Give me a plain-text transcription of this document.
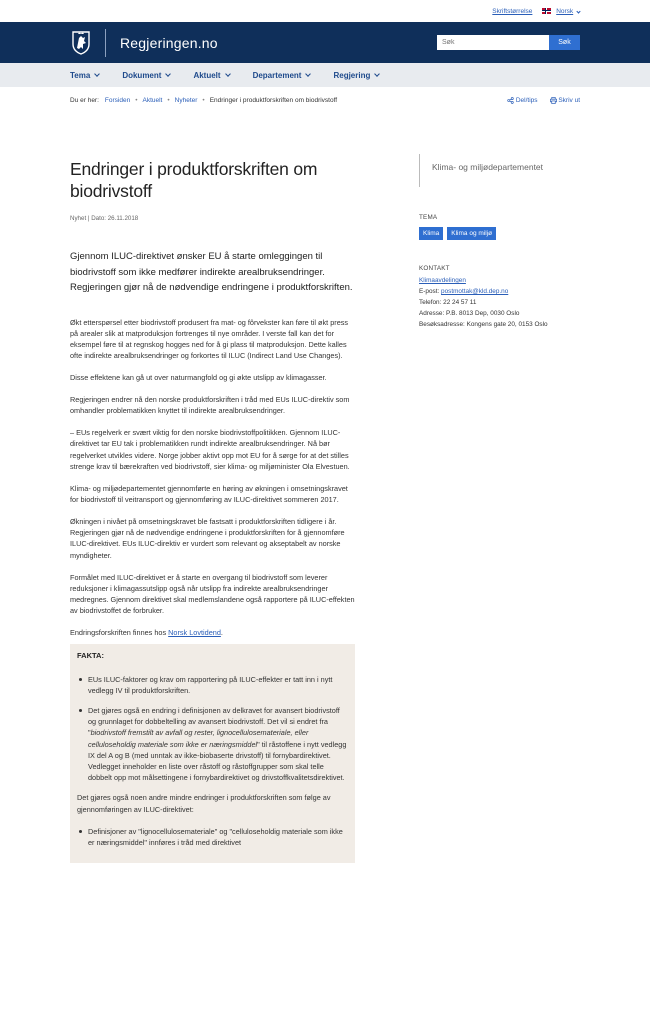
Skriftstørrelse	Norsk
Regjeringen.no
Søk	Søk
Tema	Dokument	Aktuelt	Departement	Regjering
Du er her: Forsiden • Aktuelt • Nyheter • Endringer i produktforskriften om biodrivstoff	Del/tips	Skriv ut
Endringer i produktforskriften om biodrivstoff
Nyhet | Dato: 26.11.2018
Gjennom ILUC-direktivet ønsker EU å starte omleggingen til biodrivstoff som ikke medfører indirekte arealbruksendringer. Regjeringen gjør nå de nødvendige endringene i produktforskriften.

Økt etterspørsel etter biodrivstoff produsert fra mat- og fôrvekster kan føre til økt press på arealer slik at matproduksjon fortrenges til nye områder. I verste fall kan det for eksempel føre til at regnskog hogges ned for å gi plass til matproduksjon. Dette kalles ofte indirekte arealbruksendringer og forkortes til ILUC (Indirect Land Use Changes).

Disse effektene kan gå ut over naturmangfold og gi økte utslipp av klimagasser.

Regjeringen endrer nå den norske produktforskriften i tråd med EUs ILUC-direktiv som omhandler problematikken knyttet til indirekte arealbruksendringer.

– EUs regelverk er svært viktig for den norske biodrivstoffpolitikken. Gjennom ILUC-direktivet tar EU tak i problematikken rundt indirekte arealbruksendringer. Nå bør regelverket utvikles videre. Norge jobber aktivt opp mot EU for å sørge for at det stilles strenge krav til bærekraften ved biodrivstoff, sier klima- og miljøminister Ola Elvestuen.

Klima- og miljødepartementet gjennomførte en høring av økningen i omsetningskravet for biodrivstoff til veitransport og gjennomføring av ILUC-direktivet sommeren 2017.

Økningen i nivået på omsetningskravet ble fastsatt i produktforskriften tidligere i år. Regjeringen gjør nå de nødvendige endringene i produktforskriften for å gjennomføre ILUC-direktivet. EUs ILUC-direktiv er vurdert som relevant og akseptabelt av norske myndigheter.

Formålet med ILUC-direktivet er å starte en overgang til biodrivstoff som leverer reduksjoner i klimagassutslipp også når utslipp fra indirekte arealbruksendringer medregnes. Gjennom direktivet skal medlemslandene også rapportere på ILUC-effekten av biodrivstoffet de forbruker.

Endringsforskriften finnes hos Norsk Lovtidend.

FAKTA:
EUs ILUC-faktorer og krav om rapportering på ILUC-effekter er tatt inn i nytt vedlegg IV til produktforskriften.
Det gjøres også en endring i definisjonen av delkravet for avansert biodrivstoff og grunnlaget for dobbeltelling av avansert biodrivstoff. Det vil si endret fra "biodrivstoff fremstilt av avfall og rester, lignocellulosemateriale, eller celluloseholdig materiale som ikke er næringsmiddel" til råstoffene i nytt vedlegg IX del A og B (med unntak av ikke-biobaserte drivstoff) til fornybardirektivet. Vedlegget inneholder en liste over råstoff og råstoffgrupper som skal telle dobbelt opp mot målsettingene i fornybardirektivet og drivstoffkvalitetsdirektivet.

Det gjøres også noen andre mindre endringer i produktforskriften som følge av gjennomføringen av ILUC-direktivet:

Definisjoner av "lignocellulosemateriale" og "celluloseholdig materiale som ikke er næringsmiddel" innføres i tråd med direktivet
Klima- og miljødepartementet
TEMA
Klima	Klima og miljø
KONTAKT
Klimaavdelingen
E-post: postmottak@kld.dep.no
Telefon: 22 24 57 11
Adresse: P.B. 8013 Dep, 0030 Oslo
Besøksadresse: Kongens gate 20, 0153 Oslo
